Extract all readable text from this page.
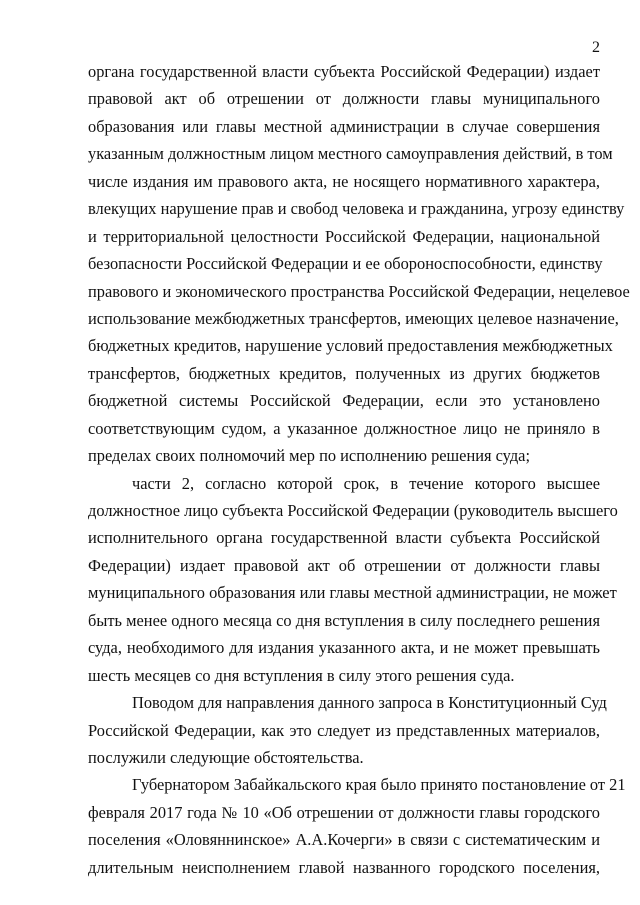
2
органа государственной власти субъекта Российской Федерации) издает
правовой акт об отрешении от должности главы муниципального
образования или главы местной администрации в случае совершения
указанным должностным лицом местного самоуправления действий, в том
числе издания им правового акта, не носящего нормативного характера,
влекущих нарушение прав и свобод человека и гражданина, угрозу единству
и территориальной целостности Российской Федерации, национальной
безопасности Российской Федерации и ее обороноспособности, единству
правового и экономического пространства Российской Федерации, нецелевое
использование межбюджетных трансфертов, имеющих целевое назначение,
бюджетных кредитов, нарушение условий предоставления межбюджетных
трансфертов, бюджетных кредитов, полученных из других бюджетов
бюджетной системы Российской Федерации, если это установлено
соответствующим судом, а указанное должностное лицо не приняло в
пределах своих полномочий мер по исполнению решения суда;
части 2, согласно которой срок, в течение которого высшее
должностное лицо субъекта Российской Федерации (руководитель высшего
исполнительного органа государственной власти субъекта Российской
Федерации) издает правовой акт об отрешении от должности главы
муниципального образования или главы местной администрации, не может
быть менее одного месяца со дня вступления в силу последнего решения
суда, необходимого для издания указанного акта, и не может превышать
шесть месяцев со дня вступления в силу этого решения суда.
Поводом для направления данного запроса в Конституционный Суд
Российской Федерации, как это следует из представленных материалов,
послужили следующие обстоятельства.
Губернатором Забайкальского края было принято постановление от 21
февраля 2017 года № 10 «Об отрешении от должности главы городского
поселения «Оловяннинское» А.А.Кочерги» в связи с систематическим и
длительным неисполнением главой названного городского поселения,
